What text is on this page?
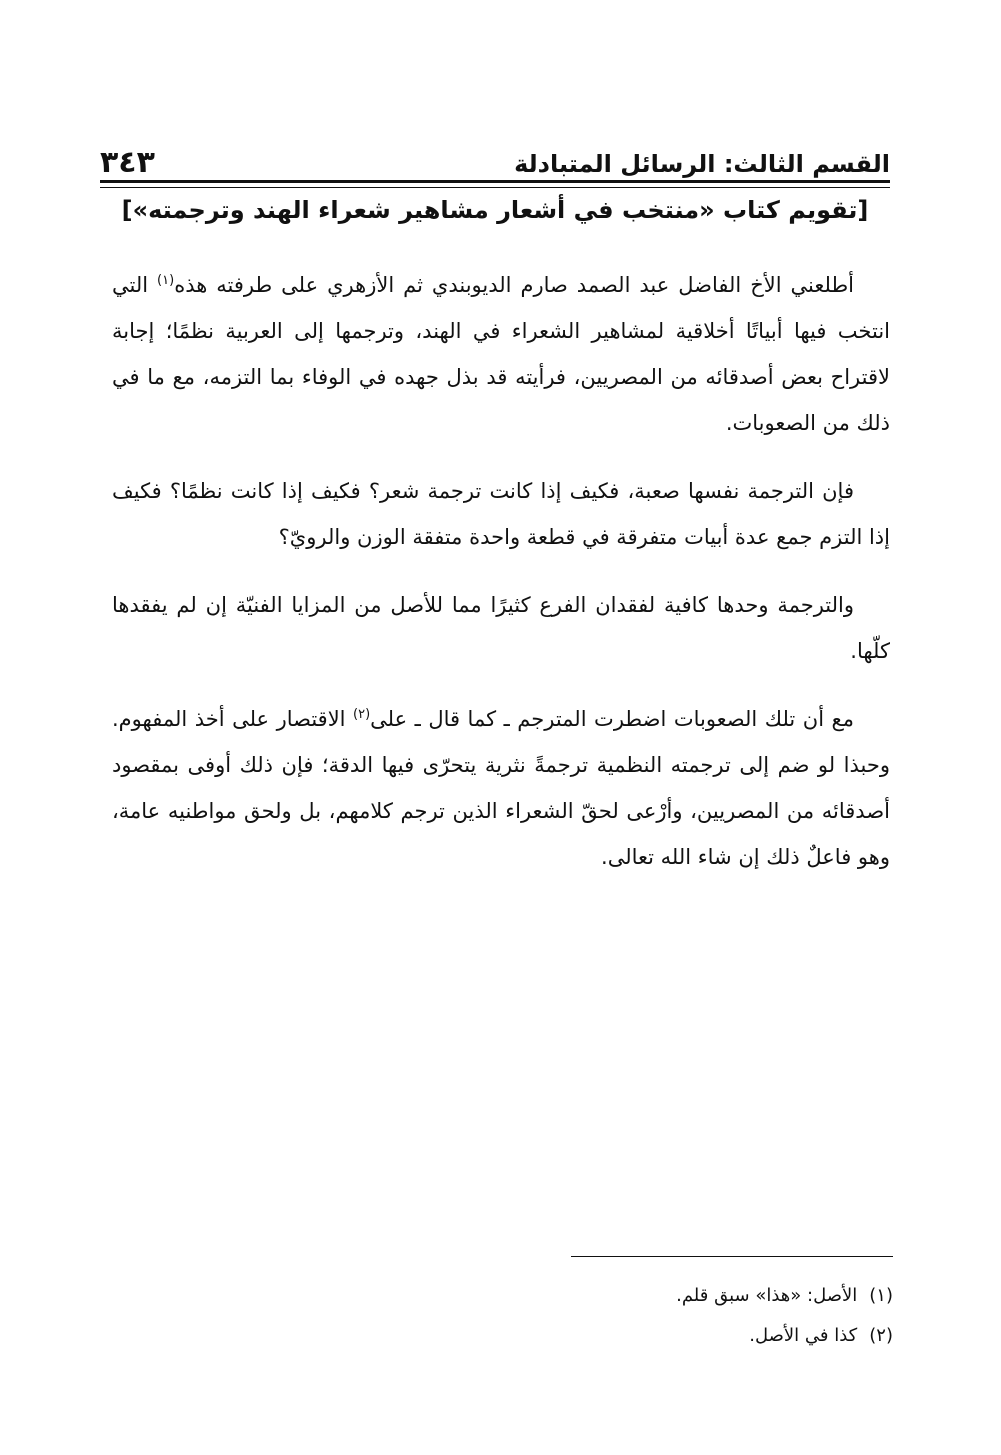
القسم الثالث: الرسائل المتبادلة
٣٤٣
[تقويم كتاب «منتخب في أشعار مشاهير شعراء الهند وترجمته»]

أطلعني الأخ الفاضل عبد الصمد صارم الديوبندي ثم الأزهري على طرفته هذه$^{(١)}$ التي انتخب فيها أبياتًا أخلاقية لمشاهير الشعراء في الهند، وترجمها إلى العربية نظمًا؛ إجابة لاقتراح بعض أصدقائه من المصريين، فرأيته قد بذل جهده في الوفاء بما التزمه، مع ما في ذلك من الصعوبات.

فإن الترجمة نفسها صعبة، فكيف إذا كانت ترجمة شعر؟ فكيف إذا كانت نظمًا؟ فكيف إذا التزم جمع عدة أبيات متفرقة في قطعة واحدة متفقة الوزن والرويّ؟

والترجمة وحدها كافية لفقدان الفرع كثيرًا مما للأصل من المزايا الفنيّة إن لم يفقدها كلّها.

مع أن تلك الصعوبات اضطرت المترجم ـ كما قال ـ على$^{(٢)}$ الاقتصار على أخذ المفهوم. وحبذا لو ضم إلى ترجمته النظمية ترجمةً نثرية يتحرّى فيها الدقة؛ فإن ذلك أوفى بمقصود أصدقائه من المصريين، وأرْعى لحقّ الشعراء الذين ترجم كلامهم، بل ولحق مواطنيه عامة، وهو فاعلٌ ذلك إن شاء الله تعالى.

(١)الأصل: «هذا» سبق قلم.
(٢)كذا في الأصل.
